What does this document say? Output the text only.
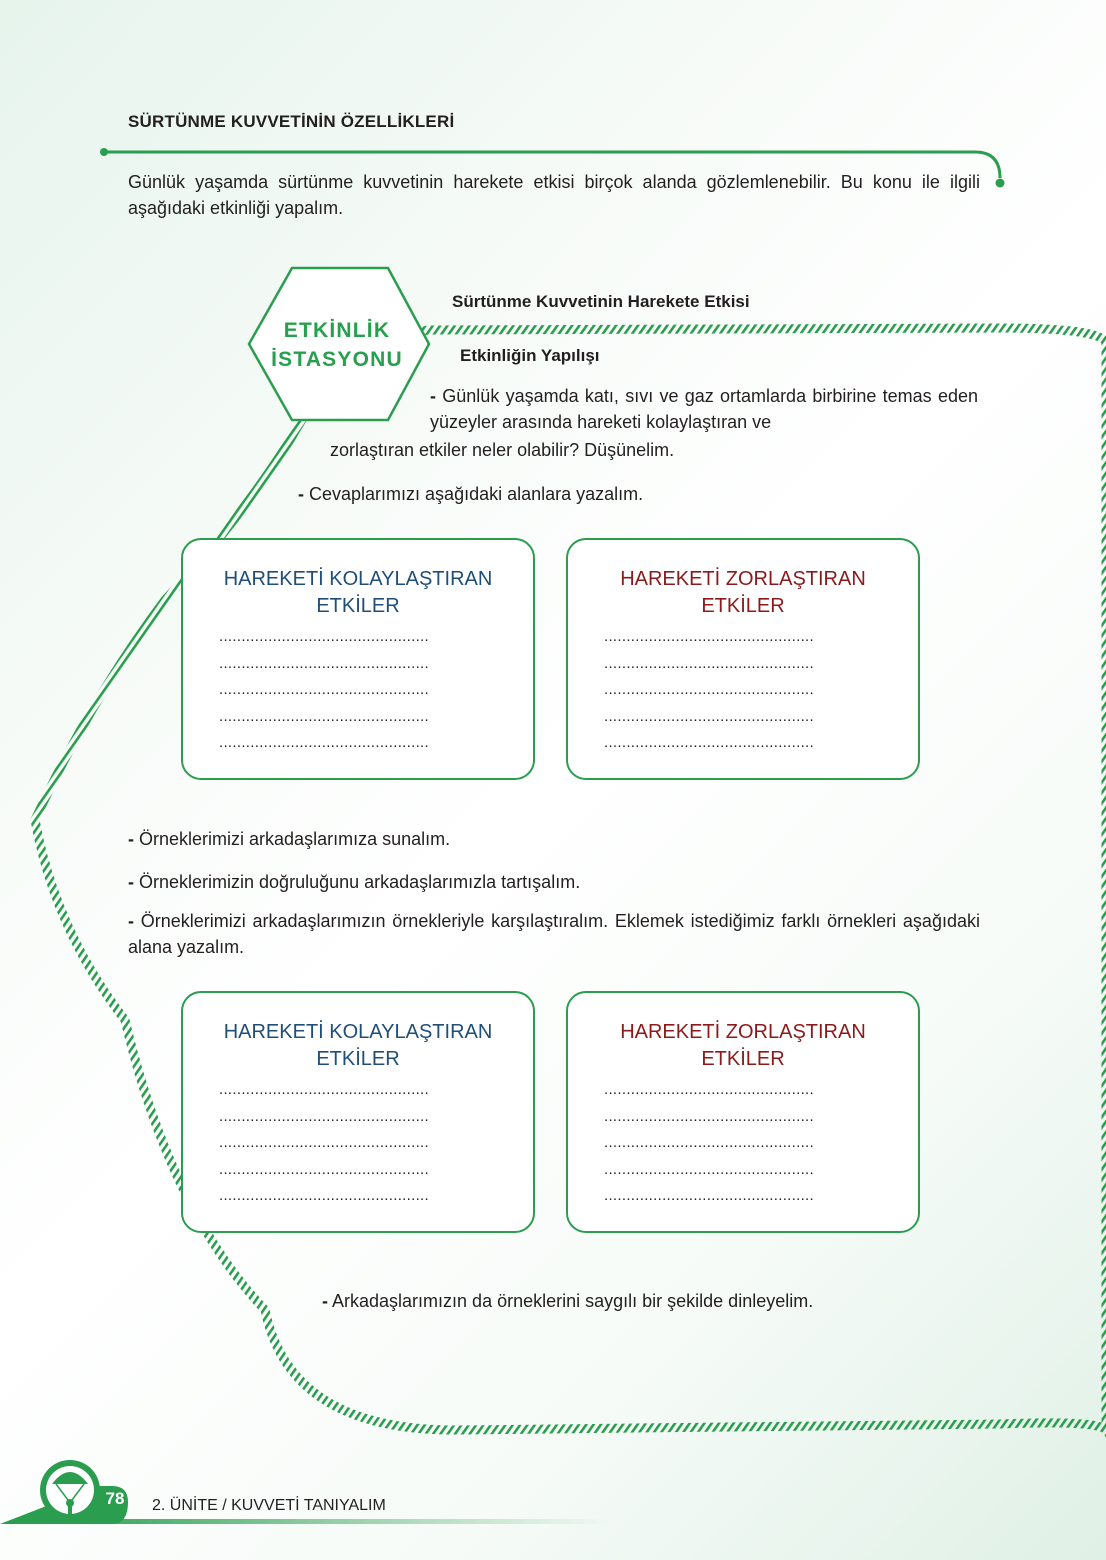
SÜRTÜNME KUVVETİNİN ÖZELLİKLERİ
Günlük yaşamda sürtünme kuvvetinin harekete etkisi birçok alanda gözlemlenebilir. Bu konu ile ilgili aşağıdaki etkinliği yapalım.
ETKİNLİK
İSTASYONU
Sürtünme Kuvvetinin Harekete Etkisi
Etkinliğin Yapılışı
- Günlük yaşamda katı, sıvı ve gaz ortamlarda birbirine temas eden yüzeyler arasında hareketi kolaylaştıran ve
zorlaştıran etkiler neler olabilir? Düşünelim.
- Cevaplarımızı aşağıdaki alanlara yazalım.
HAREKETİ KOLAYLAŞTIRAN
ETKİLER
...............................................
...............................................
...............................................
...............................................
...............................................
HAREKETİ ZORLAŞTIRAN
ETKİLER
...............................................
...............................................
...............................................
...............................................
...............................................
- Örneklerimizi arkadaşlarımıza sunalım.
- Örneklerimizin doğruluğunu arkadaşlarımızla tartışalım.
- Örneklerimizi arkadaşlarımızın örnekleriyle karşılaştıralım. Eklemek istediğimiz farklı örnekleri aşağıdaki alana yazalım.
HAREKETİ KOLAYLAŞTIRAN
ETKİLER
...............................................
...............................................
...............................................
...............................................
...............................................
HAREKETİ ZORLAŞTIRAN
ETKİLER
...............................................
...............................................
...............................................
...............................................
...............................................
- Arkadaşlarımızın da örneklerini saygılı bir şekilde dinleyelim.
78	2. ÜNİTE / KUVVETİ TANIYALIM
